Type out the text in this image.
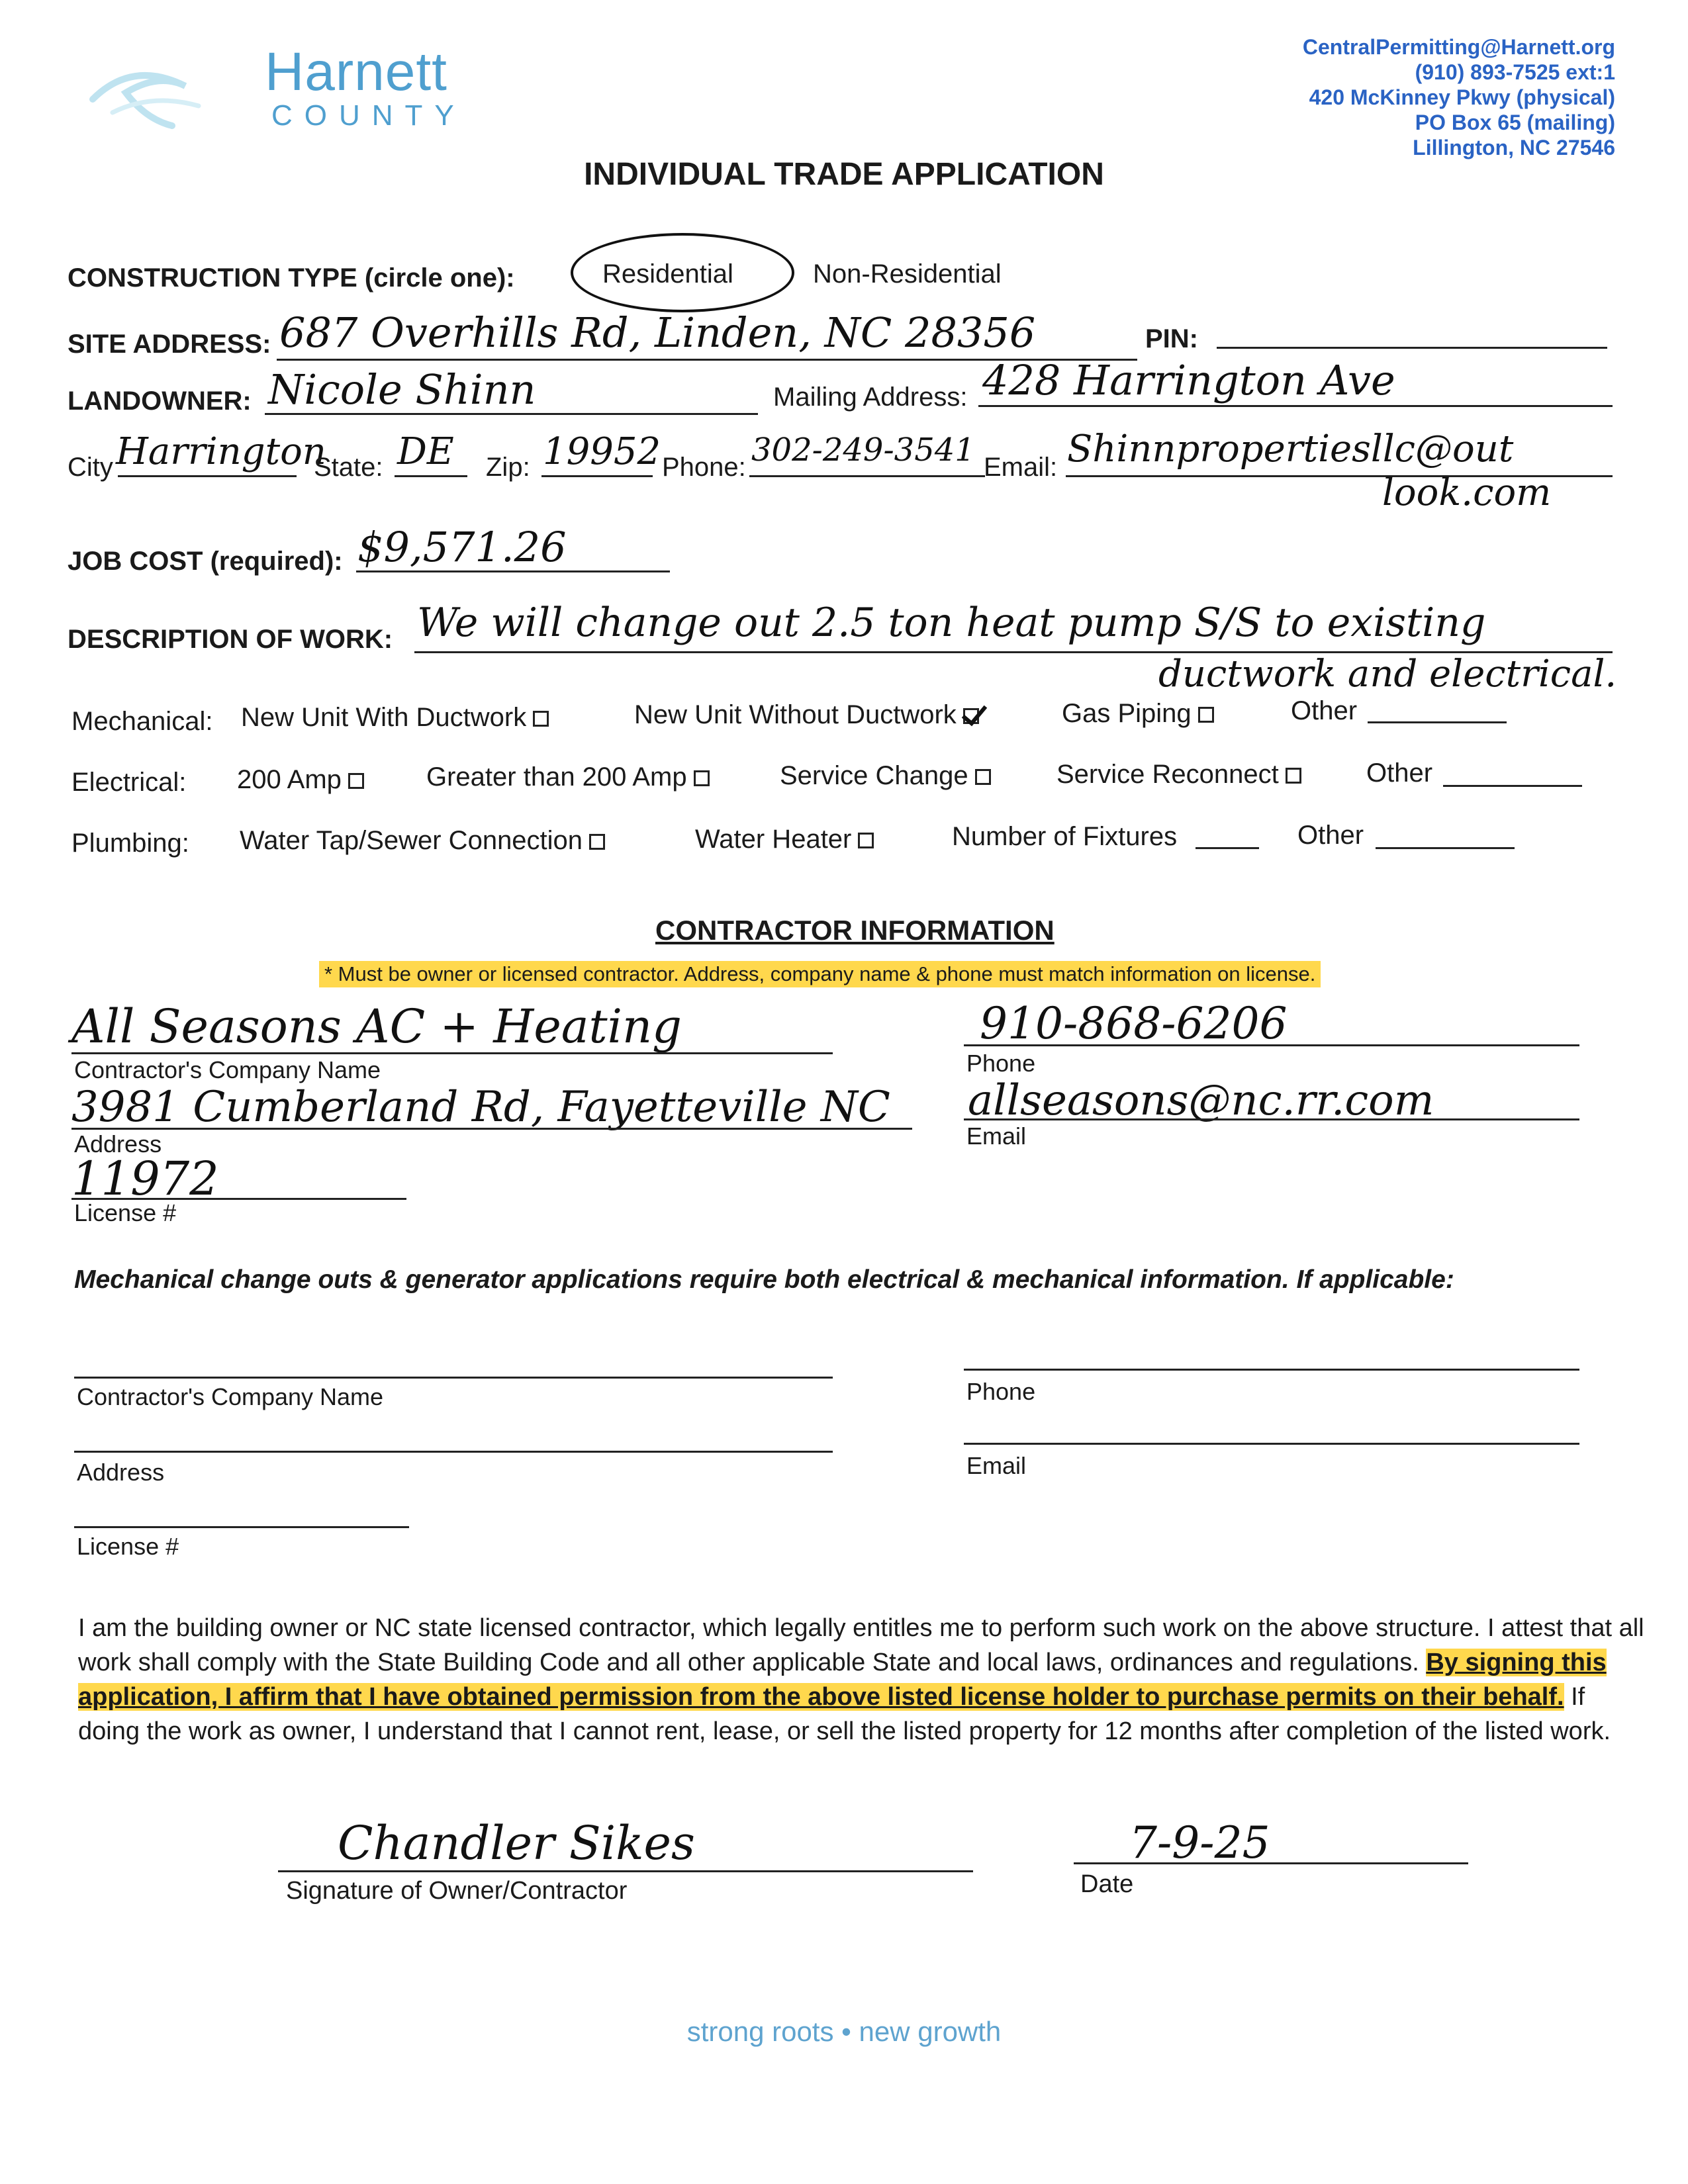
Harnett
COUNTY
CentralPermitting@Harnett.org
(910) 893-7525 ext:1
420 McKinney Pkwy (physical)
PO Box 65 (mailing)
Lillington, NC 27546
INDIVIDUAL TRADE APPLICATION
CONSTRUCTION TYPE (circle one):	Residential	Non-Residential
SITE ADDRESS: 687 Overhills Rd, Linden, NC 28356	PIN:
LANDOWNER: Nicole Shinn	Mailing Address: 428 Harrington Ave
City Harrington
State: DE Zip: 19952 Phone: 302-249-3541 Email: Shinnpropertiesllc@out
look.com
JOB COST (required): $9,571.26
DESCRIPTION OF WORK: We will change out 2.5 ton heat pump S/S to existing
ductwork and electrical.
Mechanical: New Unit With Ductwork	New Unit Without Ductwork	Gas Piping	Other
Electrical: 200 Amp	Greater than 200 Amp	Service Change	Service Reconnect	Other
Plumbing: Water Tap/Sewer Connection	Water Heater	Number of Fixtures	Other
CONTRACTOR INFORMATION
* Must be owner or licensed contractor. Address, company name & phone must match information on license.
All Seasons AC + Heating
Contractor's Company Name
910-868-6206
Phone
3981 Cumberland Rd, Fayetteville NC
Address
allseasons@nc.rr.com
Email
11972
License #
Mechanical change outs & generator applications require both electrical & mechanical information. If applicable:
Contractor's Company Name	Phone
Address	Email
License #
I am the building owner or NC state licensed contractor, which legally entitles me to perform such work on the above structure. I attest that all work shall comply with the State Building Code and all other applicable State and local laws, ordinances and regulations. By signing this application, I affirm that I have obtained permission from the above listed license holder to purchase permits on their behalf. If doing the work as owner, I understand that I cannot rent, lease, or sell the listed property for 12 months after completion of the listed work.
Chandler Sikes
Signature of Owner/Contractor
7-9-25
Date
strong roots • new growth
